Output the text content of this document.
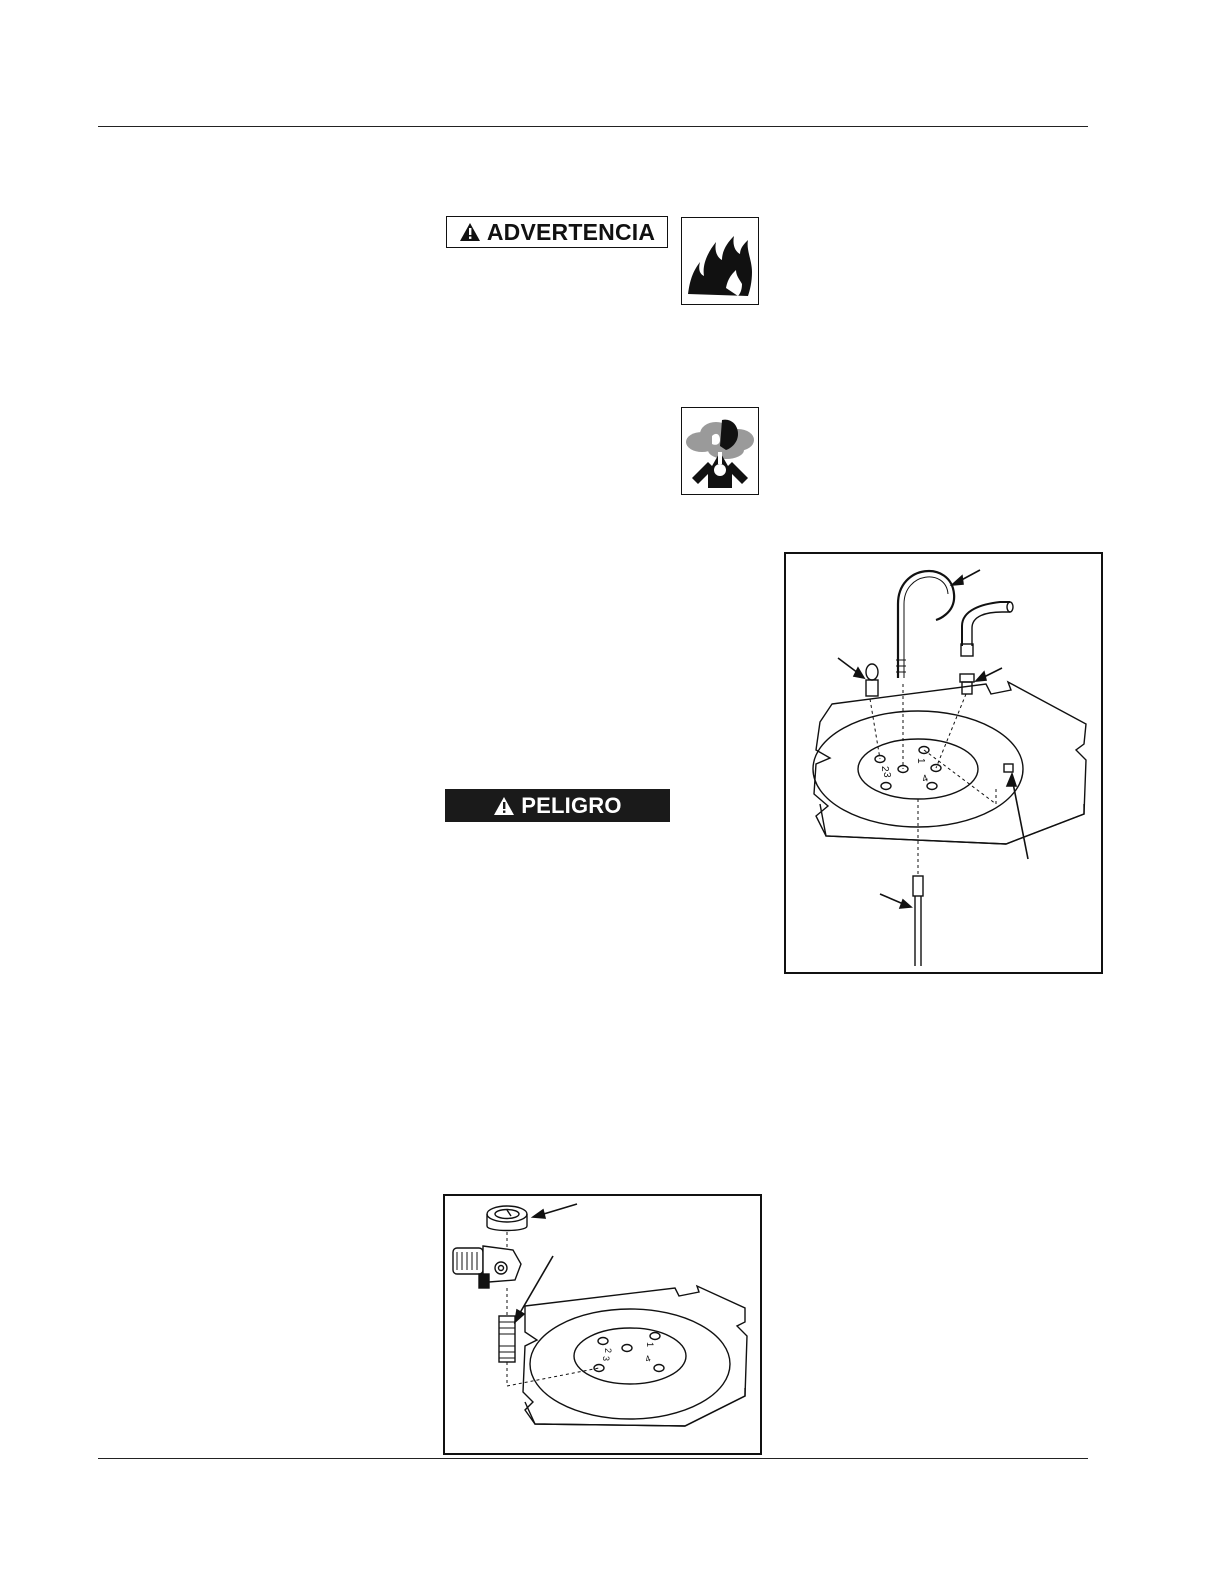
ADVERTENCIA
PELIGRO
1
2
3	4
1
2
3	4
